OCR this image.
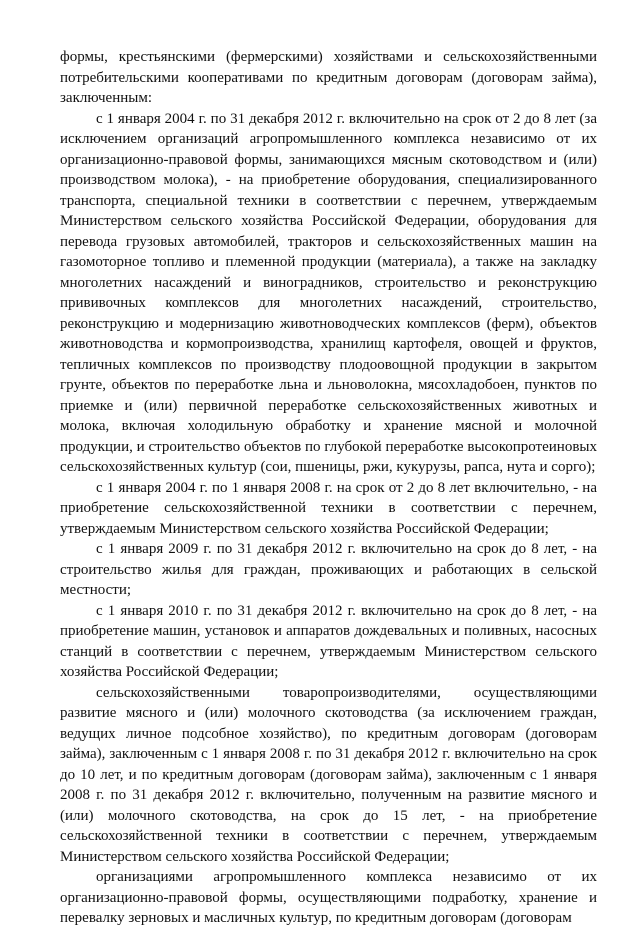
формы, крестьянскими (фермерскими) хозяйствами и сельскохозяйственными потребительскими кооперативами по кредитным договорам (договорам займа), заключенным:

с 1 января 2004 г. по 31 декабря 2012 г. включительно на срок от 2 до 8 лет (за исключением организаций агропромышленного комплекса независимо от их организационно-правовой формы, занимающихся мясным скотоводством и (или) производством молока), - на приобретение оборудования, специализированного транспорта, специальной техники в соответствии с перечнем, утверждаемым Министерством сельского хозяйства Российской Федерации, оборудования для перевода грузовых автомобилей, тракторов и сельскохозяйственных машин на газомоторное топливо и племенной продукции (материала), а также на закладку многолетних насаждений и виноградников, строительство и реконструкцию прививочных комплексов для многолетних насаждений, строительство, реконструкцию и модернизацию животноводческих комплексов (ферм), объектов животноводства и кормопроизводства, хранилищ картофеля, овощей и фруктов, тепличных комплексов по производству плодоовощной продукции в закрытом грунте, объектов по переработке льна и льноволокна, мясохладобоен, пунктов по приемке и (или) первичной переработке сельскохозяйственных животных и молока, включая холодильную обработку и хранение мясной и молочной продукции, и строительство объектов по глубокой переработке высокопротеиновых сельскохозяйственных культур (сои, пшеницы, ржи, кукурузы, рапса, нута и сорго);

с 1 января 2004 г. по 1 января 2008 г. на срок от 2 до 8 лет включительно, - на приобретение сельскохозяйственной техники в соответствии с перечнем, утверждаемым Министерством сельского хозяйства Российской Федерации;

с 1 января 2009 г. по 31 декабря 2012 г. включительно на срок до 8 лет, - на строительство жилья для граждан, проживающих и работающих в сельской местности;

с 1 января 2010 г. по 31 декабря 2012 г. включительно на срок до 8 лет, - на приобретение машин, установок и аппаратов дождевальных и поливных, насосных станций в соответствии с перечнем, утверждаемым Министерством сельского хозяйства Российской Федерации;

сельскохозяйственными товаропроизводителями, осуществляющими развитие мясного и (или) молочного скотоводства (за исключением граждан, ведущих личное подсобное хозяйство), по кредитным договорам (договорам займа), заключенным с 1 января 2008 г. по 31 декабря 2012 г. включительно на срок до 10 лет, и по кредитным договорам (договорам займа), заключенным с 1 января 2008 г. по 31 декабря 2012 г. включительно, полученным на развитие мясного и (или) молочного скотоводства, на срок до 15 лет, - на приобретение сельскохозяйственной техники в соответствии с перечнем, утверждаемым Министерством сельского хозяйства Российской Федерации;

организациями агропромышленного комплекса независимо от их организационно-правовой формы, осуществляющими подработку, хранение и перевалку зерновых и масличных культур, по кредитным договорам (договорам
